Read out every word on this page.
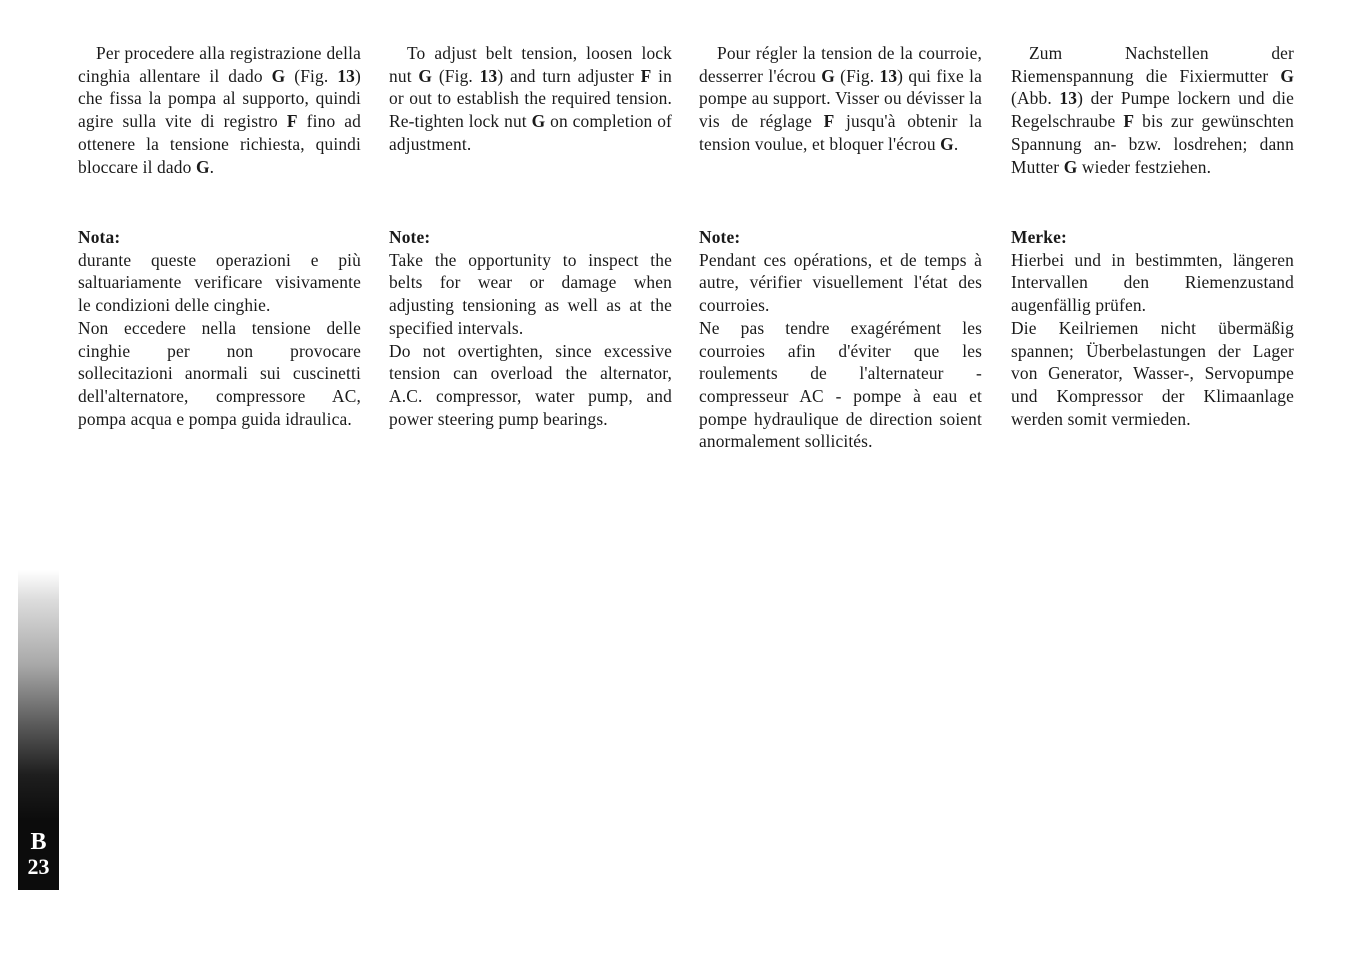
Per procedere alla registrazione della cinghia allentare il dado G (Fig. 13) che fissa la pompa al supporto, quindi agire sulla vite di registro F fino ad ottenere la tensione richiesta, quindi bloccare il dado G.

Nota:

durante queste operazioni e più saltuariamente verificare visivamente le condizioni delle cinghie.

Non eccedere nella tensione delle cinghie per non provocare sollecitazioni anormali sui cuscinetti dell'alternatore, compressore AC, pompa acqua e pompa guida idraulica.

To adjust belt tension, loosen lock nut G (Fig. 13) and turn adjuster F in or out to establish the required tension. Re-tighten lock nut G on completion of adjustment.

Note:

Take the opportunity to inspect the belts for wear or damage when adjusting tensioning as well as at the specified intervals.

Do not overtighten, since excessive tension can overload the alternator, A.C. compressor, water pump, and power steering pump bearings.

Pour régler la tension de la courroie, desserrer l'écrou G (Fig. 13) qui fixe la pompe au support. Visser ou dévisser la vis de réglage F jusqu'à obtenir la tension voulue, et bloquer l'écrou G.

Note:

Pendant ces opérations, et de temps à autre, vérifier visuellement l'état des courroies.

Ne pas tendre exagérément les courroies afin d'éviter que les roulements de l'alternateur - compresseur AC - pompe à eau et pompe hydraulique de direction soient anormalement sollicités.

Zum Nachstellen der Riemenspannung die Fixiermutter G (Abb. 13) der Pumpe lockern und die Regelschraube F bis zur gewünschten Spannung an- bzw. losdrehen; dann Mutter G wieder festziehen.

Merke:

Hierbei und in bestimmten, längeren Intervallen den Riemenzustand augenfällig prüfen.

Die Keilriemen nicht übermäßig spannen; Überbelastungen der Lager von Generator, Wasser-, Servopumpe und Kompressor der Klimaanlage werden somit vermieden.

B
23
